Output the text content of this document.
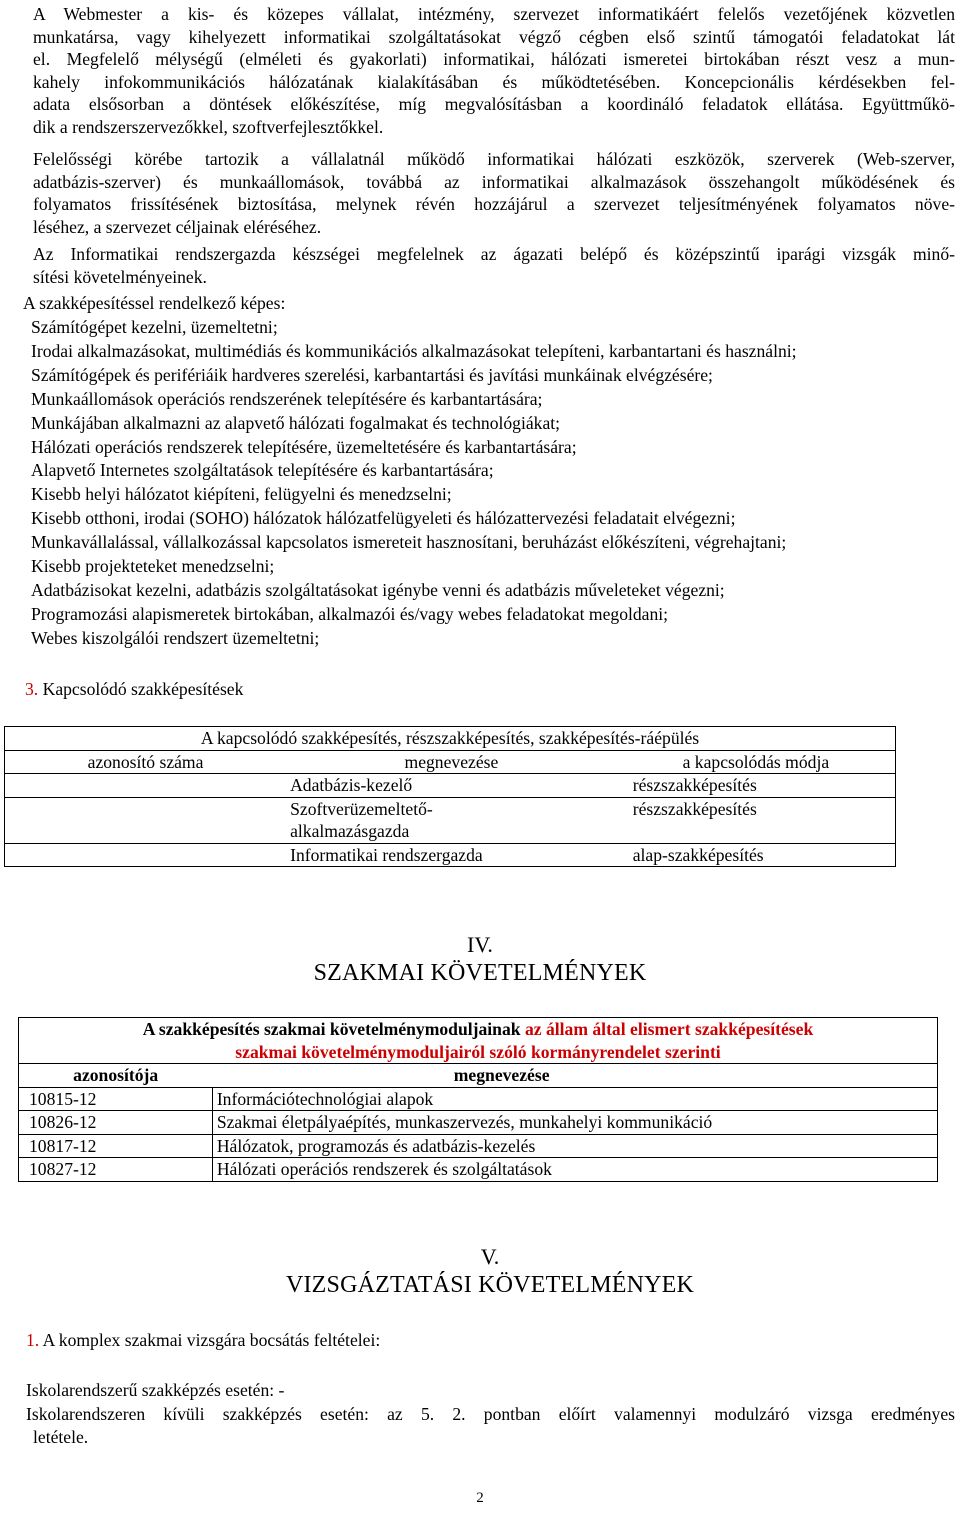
A Webmester a kis- és közepes vállalat, intézmény, szervezet informatikáért felelős vezetőjének közvetlen
munkatársa, vagy kihelyezett informatikai szolgáltatásokat végző cégben első szintű támogatói feladatokat lát
el. Megfelelő mélységű (elméleti és gyakorlati) informatikai, hálózati ismeretei birtokában részt vesz a mun-
kahely infokommunikációs hálózatának kialakításában és működtetésében. Koncepcionális kérdésekben fel-
adata elsősorban a döntések előkészítése, míg megvalósításban a koordináló feladatok ellátása. Együttműkö-
dik a rendszerszervezőkkel, szoftverfejlesztőkkel.
Felelősségi körébe tartozik a vállalatnál működő informatikai hálózati eszközök, szerverek (Web-szerver,
adatbázis-szerver) és munkaállomások, továbbá az informatikai alkalmazások összehangolt működésének és
folyamatos frissítésének biztosítása, melynek révén hozzájárul a szervezet teljesítményének folyamatos növe-
léséhez, a szervezet céljainak eléréséhez.
Az Informatikai rendszergazda készségei megfelelnek az ágazati belépő és középszintű iparági vizsgák minő-
sítési követelményeinek.
A szakképesítéssel rendelkező képes:
Számítógépet kezelni, üzemeltetni;
Irodai alkalmazásokat, multimédiás és kommunikációs alkalmazásokat telepíteni, karbantartani és használni;
Számítógépek és perifériáik hardveres szerelési, karbantartási és javítási munkáinak elvégzésére;
Munkaállomások operációs rendszerének telepítésére és karbantartására;
Munkájában alkalmazni az alapvető hálózati fogalmakat és technológiákat;
Hálózati operációs rendszerek telepítésére, üzemeltetésére és karbantartására;
Alapvető Internetes szolgáltatások telepítésére és karbantartására;
Kisebb helyi hálózatot kiépíteni, felügyelni és menedzselni;
Kisebb otthoni, irodai (SOHO) hálózatok hálózatfelügyeleti és hálózattervezési feladatait elvégezni;
Munkavállalással, vállalkozással kapcsolatos ismereteit hasznosítani, beruházást előkészíteni, végrehajtani;
Kisebb projekteteket menedzselni;
Adatbázisokat kezelni, adatbázis szolgáltatásokat igénybe venni és adatbázis műveleteket végezni;
Programozási alapismeretek birtokában, alkalmazói és/vagy webes feladatokat megoldani;
Webes kiszolgálói rendszert üzemeltetni;
3. Kapcsolódó szakképesítések
A kapcsolódó szakképesítés, részszakképesítés, szakképesítés-ráépülés		
azonosító száma	megnevezése	a kapcsolódás módja
	Adatbázis-kezelő	részszakképesítés

	Szoftverüzemeltető-
alkalmazásgazda	részszakképesítés
	Informatikai rendszergazda	alap-szakképesítés
IV.
SZAKMAI KÖVETELMÉNYEK
A szakképesítés szakmai követelménymoduljainak az állam által elismert szakképesítések
szakmai követelménymoduljairól szóló kormányrendelet szerinti	
azonosítója	megnevezése
10815-12	Információtechnológiai alapok
10826-12	Szakmai életpályaépítés, munkaszervezés, munkahelyi kommunikáció
10817-12	Hálózatok, programozás és adatbázis-kezelés
10827-12	Hálózati operációs rendszerek és szolgáltatások
V.
VIZSGÁZTATÁSI KÖVETELMÉNYEK
1. A komplex szakmai vizsgára bocsátás feltételei:
Iskolarendszerű szakképzés esetén: -
Iskolarendszeren kívüli szakképzés esetén: az 5. 2. pontban előírt valamennyi modulzáró vizsga eredményes
letétele.
2
